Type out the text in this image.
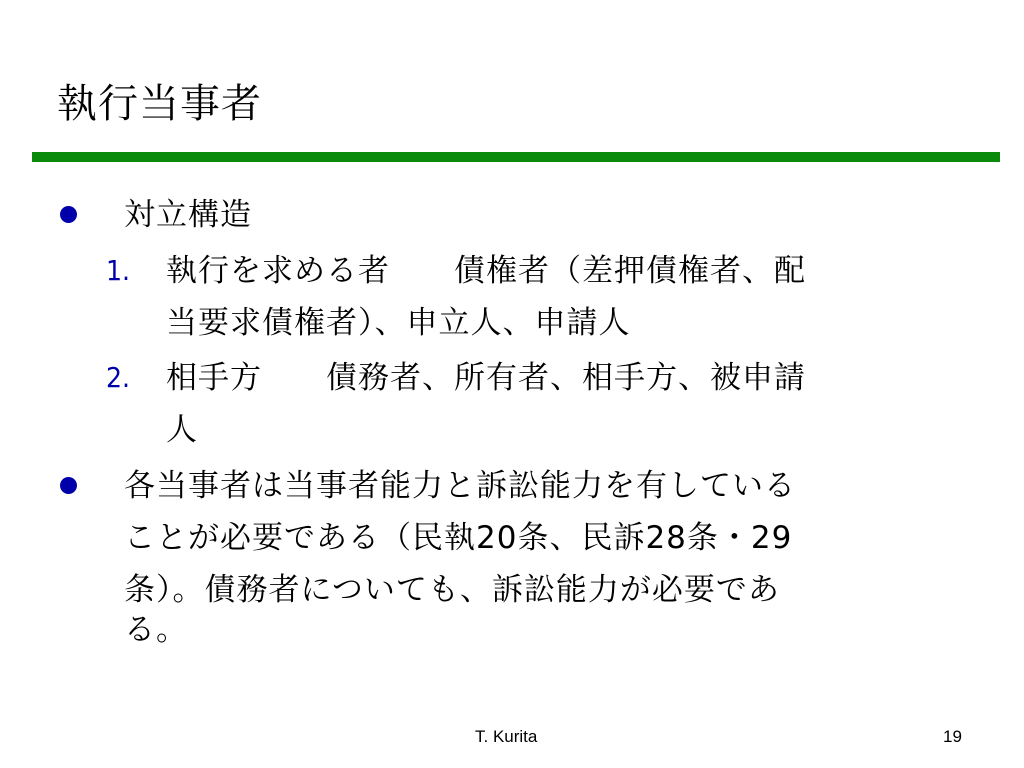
執行当事者
対立構造
1. 執行を求める者　　債権者（差押債権者、配
当要求債権者）、申立人、申請人
2. 相手方　　債務者、所有者、相手方、被申請
人
各当事者は当事者能力と訴訟能力を有している
ことが必要である（民執20条、民訴28条・29
条）。債務者についても、訴訟能力が必要であ
る。
T. Kurita	19
